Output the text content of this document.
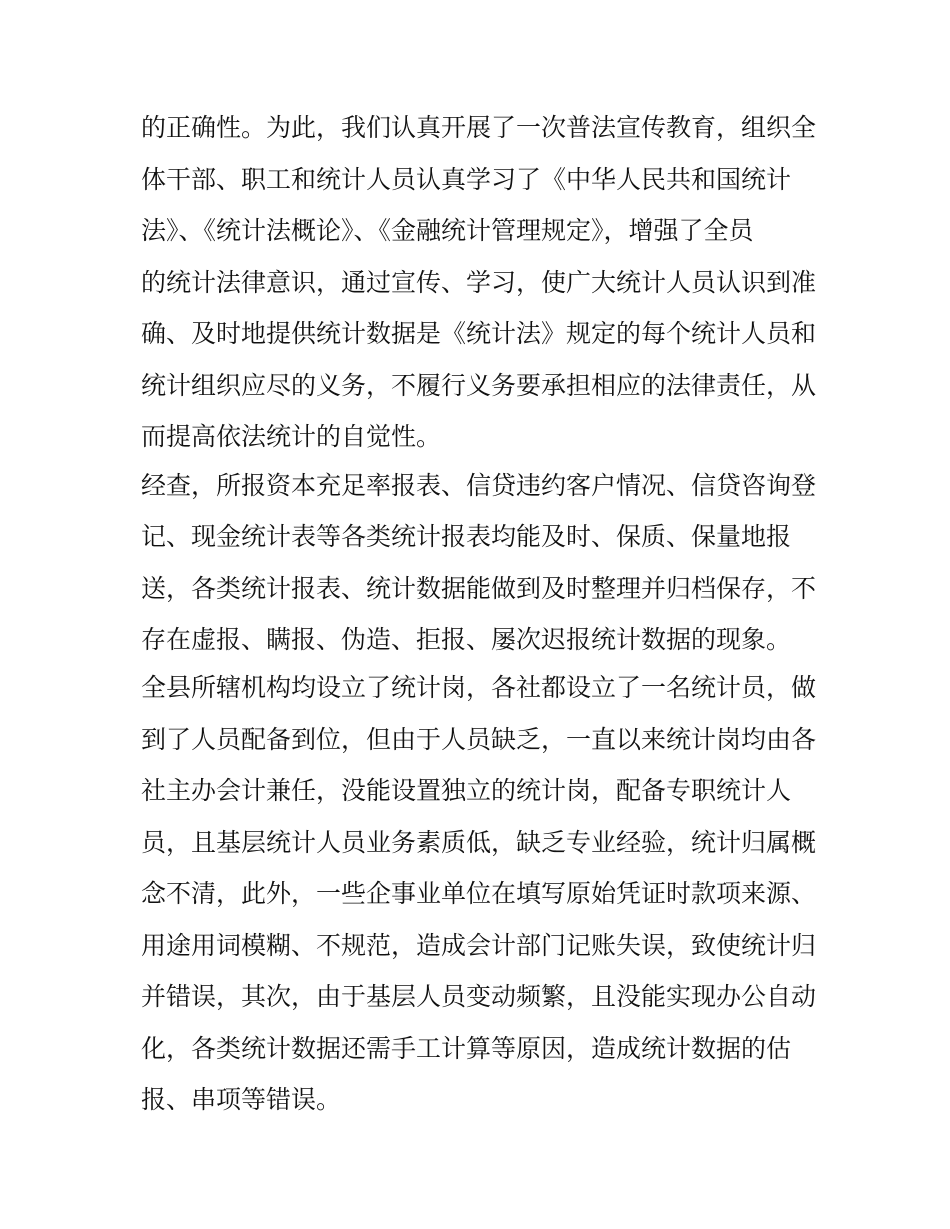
的正确性。为此，我们认真开展了一次普法宣传教育，组织全

体干部、职工和统计人员认真学习了《中华人民共和国统计

法》、《统计法概论》、《金融统计管理规定》，增强了全员

的统计法律意识，通过宣传、学习，使广大统计人员认识到准

确、及时地提供统计数据是《统计法》规定的每个统计人员和

统计组织应尽的义务，不履行义务要承担相应的法律责任，从

而提高依法统计的自觉性。

经查，所报资本充足率报表、信贷违约客户情况、信贷咨询登

记、现金统计表等各类统计报表均能及时、保质、保量地报

送，各类统计报表、统计数据能做到及时整理并归档保存，不

存在虚报、瞒报、伪造、拒报、屡次迟报统计数据的现象。

全县所辖机构均设立了统计岗，各社都设立了一名统计员，做

到了人员配备到位，但由于人员缺乏，一直以来统计岗均由各

社主办会计兼任，没能设置独立的统计岗，配备专职统计人

员，且基层统计人员业务素质低，缺乏专业经验，统计归属概

念不清，此外，一些企事业单位在填写原始凭证时款项来源、

用途用词模糊、不规范，造成会计部门记账失误，致使统计归

并错误，其次，由于基层人员变动频繁，且没能实现办公自动

化，各类统计数据还需手工计算等原因，造成统计数据的估

报、串项等错误。
